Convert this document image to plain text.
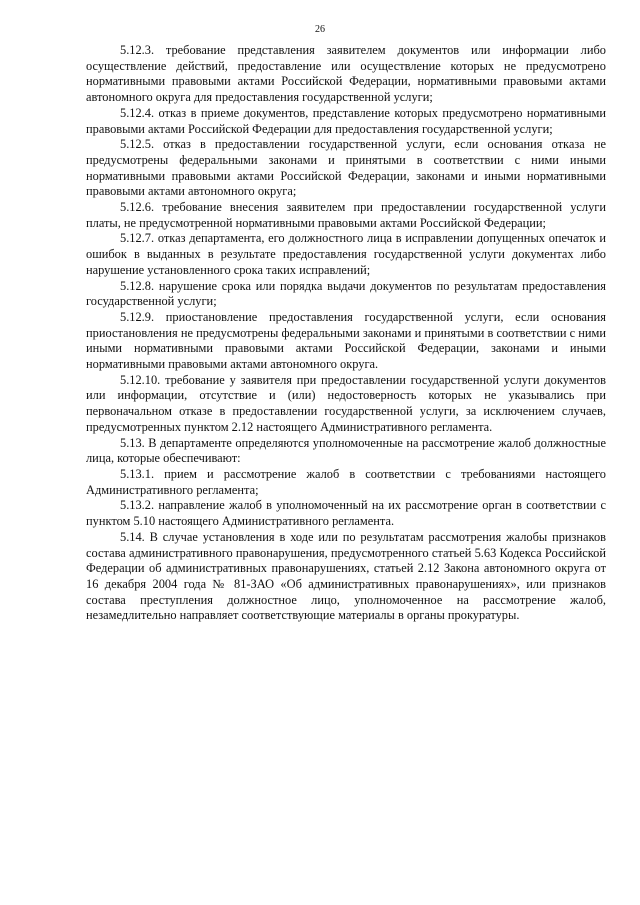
26

5.12.3. требование представления заявителем документов или информации либо осуществление действий, предоставление или осуществление которых не предусмотрено нормативными правовыми актами Российской Федерации, нормативными правовыми актами автономного округа для предоставления государственной услуги;

5.12.4. отказ в приеме документов, представление которых предусмотрено нормативными правовыми актами Российской Федерации для предоставления государственной услуги;

5.12.5. отказ в предоставлении государственной услуги, если основания отказа не предусмотрены федеральными законами и принятыми в соответствии с ними иными нормативными правовыми актами Российской Федерации, законами и иными нормативными правовыми актами автономного округа;

5.12.6. требование внесения заявителем при предоставлении государственной услуги платы, не предусмотренной нормативными правовыми актами Российской Федерации;

5.12.7. отказ департамента, его должностного лица в исправлении допущенных опечаток и ошибок в выданных в результате предоставления государственной услуги документах либо нарушение установленного срока таких исправлений;

5.12.8. нарушение срока или порядка выдачи документов по результатам предоставления государственной услуги;

5.12.9. приостановление предоставления государственной услуги, если основания приостановления не предусмотрены федеральными законами и принятыми в соответствии с ними иными нормативными правовыми актами Российской Федерации, законами и иными нормативными правовыми актами автономного округа.

5.12.10. требование у заявителя при предоставлении государственной услуги документов или информации, отсутствие и (или) недостоверность которых не указывались при первоначальном отказе в предоставлении государственной услуги, за исключением случаев, предусмотренных пунктом 2.12 настоящего Административного регламента.

5.13. В департаменте определяются уполномоченные на рассмотрение жалоб должностные лица, которые обеспечивают:

5.13.1. прием и рассмотрение жалоб в соответствии с требованиями настоящего Административного регламента;

5.13.2. направление жалоб в уполномоченный на их рассмотрение орган в соответствии с пунктом 5.10 настоящего Административного регламента.

5.14. В случае установления в ходе или по результатам рассмотрения жалобы признаков состава административного правонарушения, предусмотренного статьей 5.63 Кодекса Российской Федерации об административных правонарушениях, статьей 2.12 Закона автономного округа от 16 декабря 2004 года № 81-ЗАО «Об административных правонарушениях», или признаков состава преступления должностное лицо, уполномоченное на рассмотрение жалоб, незамедлительно направляет соответствующие материалы в органы прокуратуры.
